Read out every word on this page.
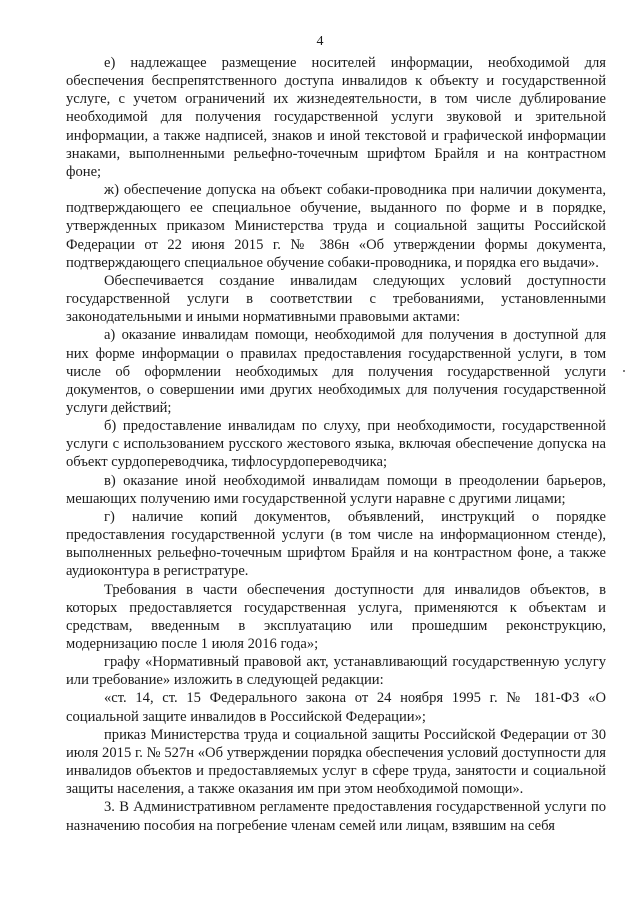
4

е) надлежащее размещение носителей информации, необходимой для обеспечения беспрепятственного доступа инвалидов к объекту и государственной услуге, с учетом ограничений их жизнедеятельности, в том числе дублирование необходимой для получения государственной услуги звуковой и зрительной информации, а также надписей, знаков и иной текстовой и графической информации знаками, выполненными рельефно-точечным шрифтом Брайля и на контрастном фоне;

ж) обеспечение допуска на объект собаки-проводника при наличии документа, подтверждающего ее специальное обучение, выданного по форме и в порядке, утвержденных приказом Министерства труда и социальной защиты Российской Федерации от 22 июня 2015 г. № 386н «Об утверждении формы документа, подтверждающего специальное обучение собаки-проводника, и порядка его выдачи».

Обеспечивается создание инвалидам следующих условий доступности государственной услуги в соответствии с требованиями, установленными законодательными и иными нормативными правовыми актами:

а) оказание инвалидам помощи, необходимой для получения в доступной для них форме информации о правилах предоставления государственной услуги, в том числе об оформлении необходимых для получения государственной услуги документов, о совершении ими других необходимых для получения государственной услуги действий;

б) предоставление инвалидам по слуху, при необходимости, государственной услуги с использованием русского жестового языка, включая обеспечение допуска на объект сурдопереводчика, тифлосурдопереводчика;

в) оказание иной необходимой инвалидам помощи в преодолении барьеров, мешающих получению ими государственной услуги наравне с другими лицами;

г) наличие копий документов, объявлений, инструкций о порядке предоставления государственной услуги (в том числе на информационном стенде), выполненных рельефно-точечным шрифтом Брайля и на контрастном фоне, а также аудиоконтура в регистратуре.

Требования в части обеспечения доступности для инвалидов объектов, в которых предоставляется государственная услуга, применяются к объектам и средствам, введенным в эксплуатацию или прошедшим реконструкцию, модернизацию после 1 июля 2016 года»;

графу «Нормативный правовой акт, устанавливающий государственную услугу или требование» изложить в следующей редакции:

«ст. 14, ст. 15 Федерального закона от 24 ноября 1995 г. № 181-ФЗ «О социальной защите инвалидов в Российской Федерации»;

приказ Министерства труда и социальной защиты Российской Федерации от 30 июля 2015 г. № 527н «Об утверждении порядка обеспечения условий доступности для инвалидов объектов и предоставляемых услуг в сфере труда, занятости и социальной защиты населения, а также оказания им при этом необходимой помощи».

3. В Административном регламенте предоставления государственной услуги по назначению пособия на погребение членам семей или лицам, взявшим на себя
